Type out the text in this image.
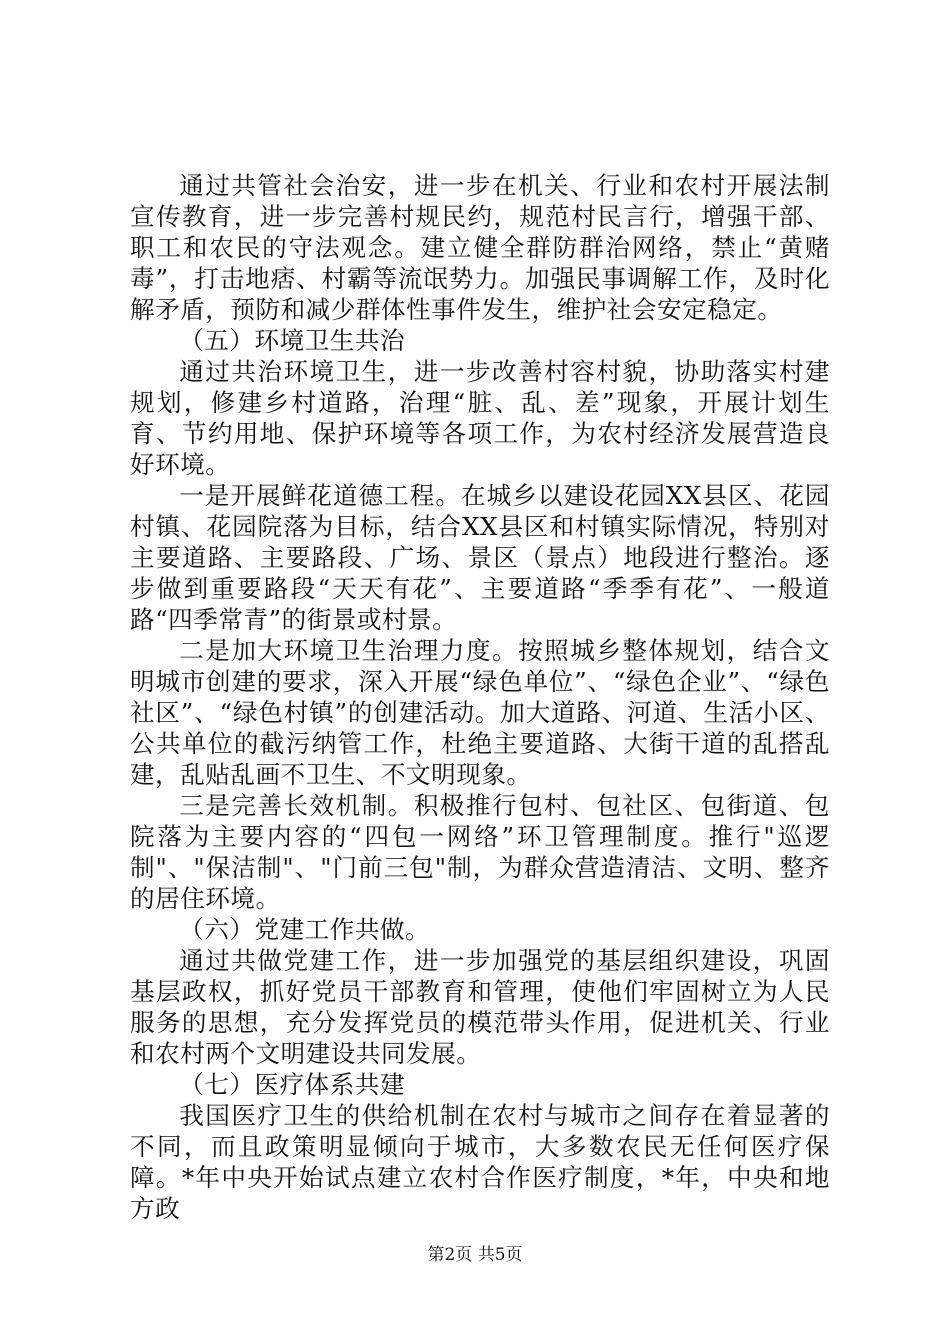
通过共管社会治安，进一步在机关、行业和农村开展法制宣传教育，进一步完善村规民约，规范村民言行，增强干部、职工和农民的守法观念。建立健全群防群治网络，禁止“黄赌毒”，打击地痞、村霸等流氓势力。加强民事调解工作，及时化解矛盾，预防和减少群体性事件发生，维护社会安定稳定。

（五）环境卫生共治

通过共治环境卫生，进一步改善村容村貌，协助落实村建规划，修建乡村道路，治理“脏、乱、差”现象，开展计划生育、节约用地、保护环境等各项工作，为农村经济发展营造良好环境。

一是开展鲜花道德工程。在城乡以建设花园XX县区、花园村镇、花园院落为目标，结合XX县区和村镇实际情况，特别对主要道路、主要路段、广场、景区（景点）地段进行整治。逐步做到重要路段“天天有花”、主要道路“季季有花”、一般道路“四季常青”的街景或村景。

二是加大环境卫生治理力度。按照城乡整体规划，结合文明城市创建的要求，深入开展“绿色单位”、“绿色企业”、“绿色社区”、“绿色村镇”的创建活动。加大道路、河道、生活小区、公共单位的截污纳管工作，杜绝主要道路、大街干道的乱搭乱建，乱贴乱画不卫生、不文明现象。

三是完善长效机制。积极推行包村、包社区、包街道、包院落为主要内容的“四包一网络”环卫管理制度。推行"巡逻制"、"保洁制"、"门前三包"制，为群众营造清洁、文明、整齐的居住环境。

（六）党建工作共做。

通过共做党建工作，进一步加强党的基层组织建设，巩固基层政权，抓好党员干部教育和管理，使他们牢固树立为人民服务的思想，充分发挥党员的模范带头作用，促进机关、行业和农村两个文明建设共同发展。

（七）医疗体系共建

我国医疗卫生的供给机制在农村与城市之间存在着显著的不同，而且政策明显倾向于城市，大多数农民无任何医疗保障。*年中央开始试点建立农村合作医疗制度，*年，中央和地方政

第2页 共5页
